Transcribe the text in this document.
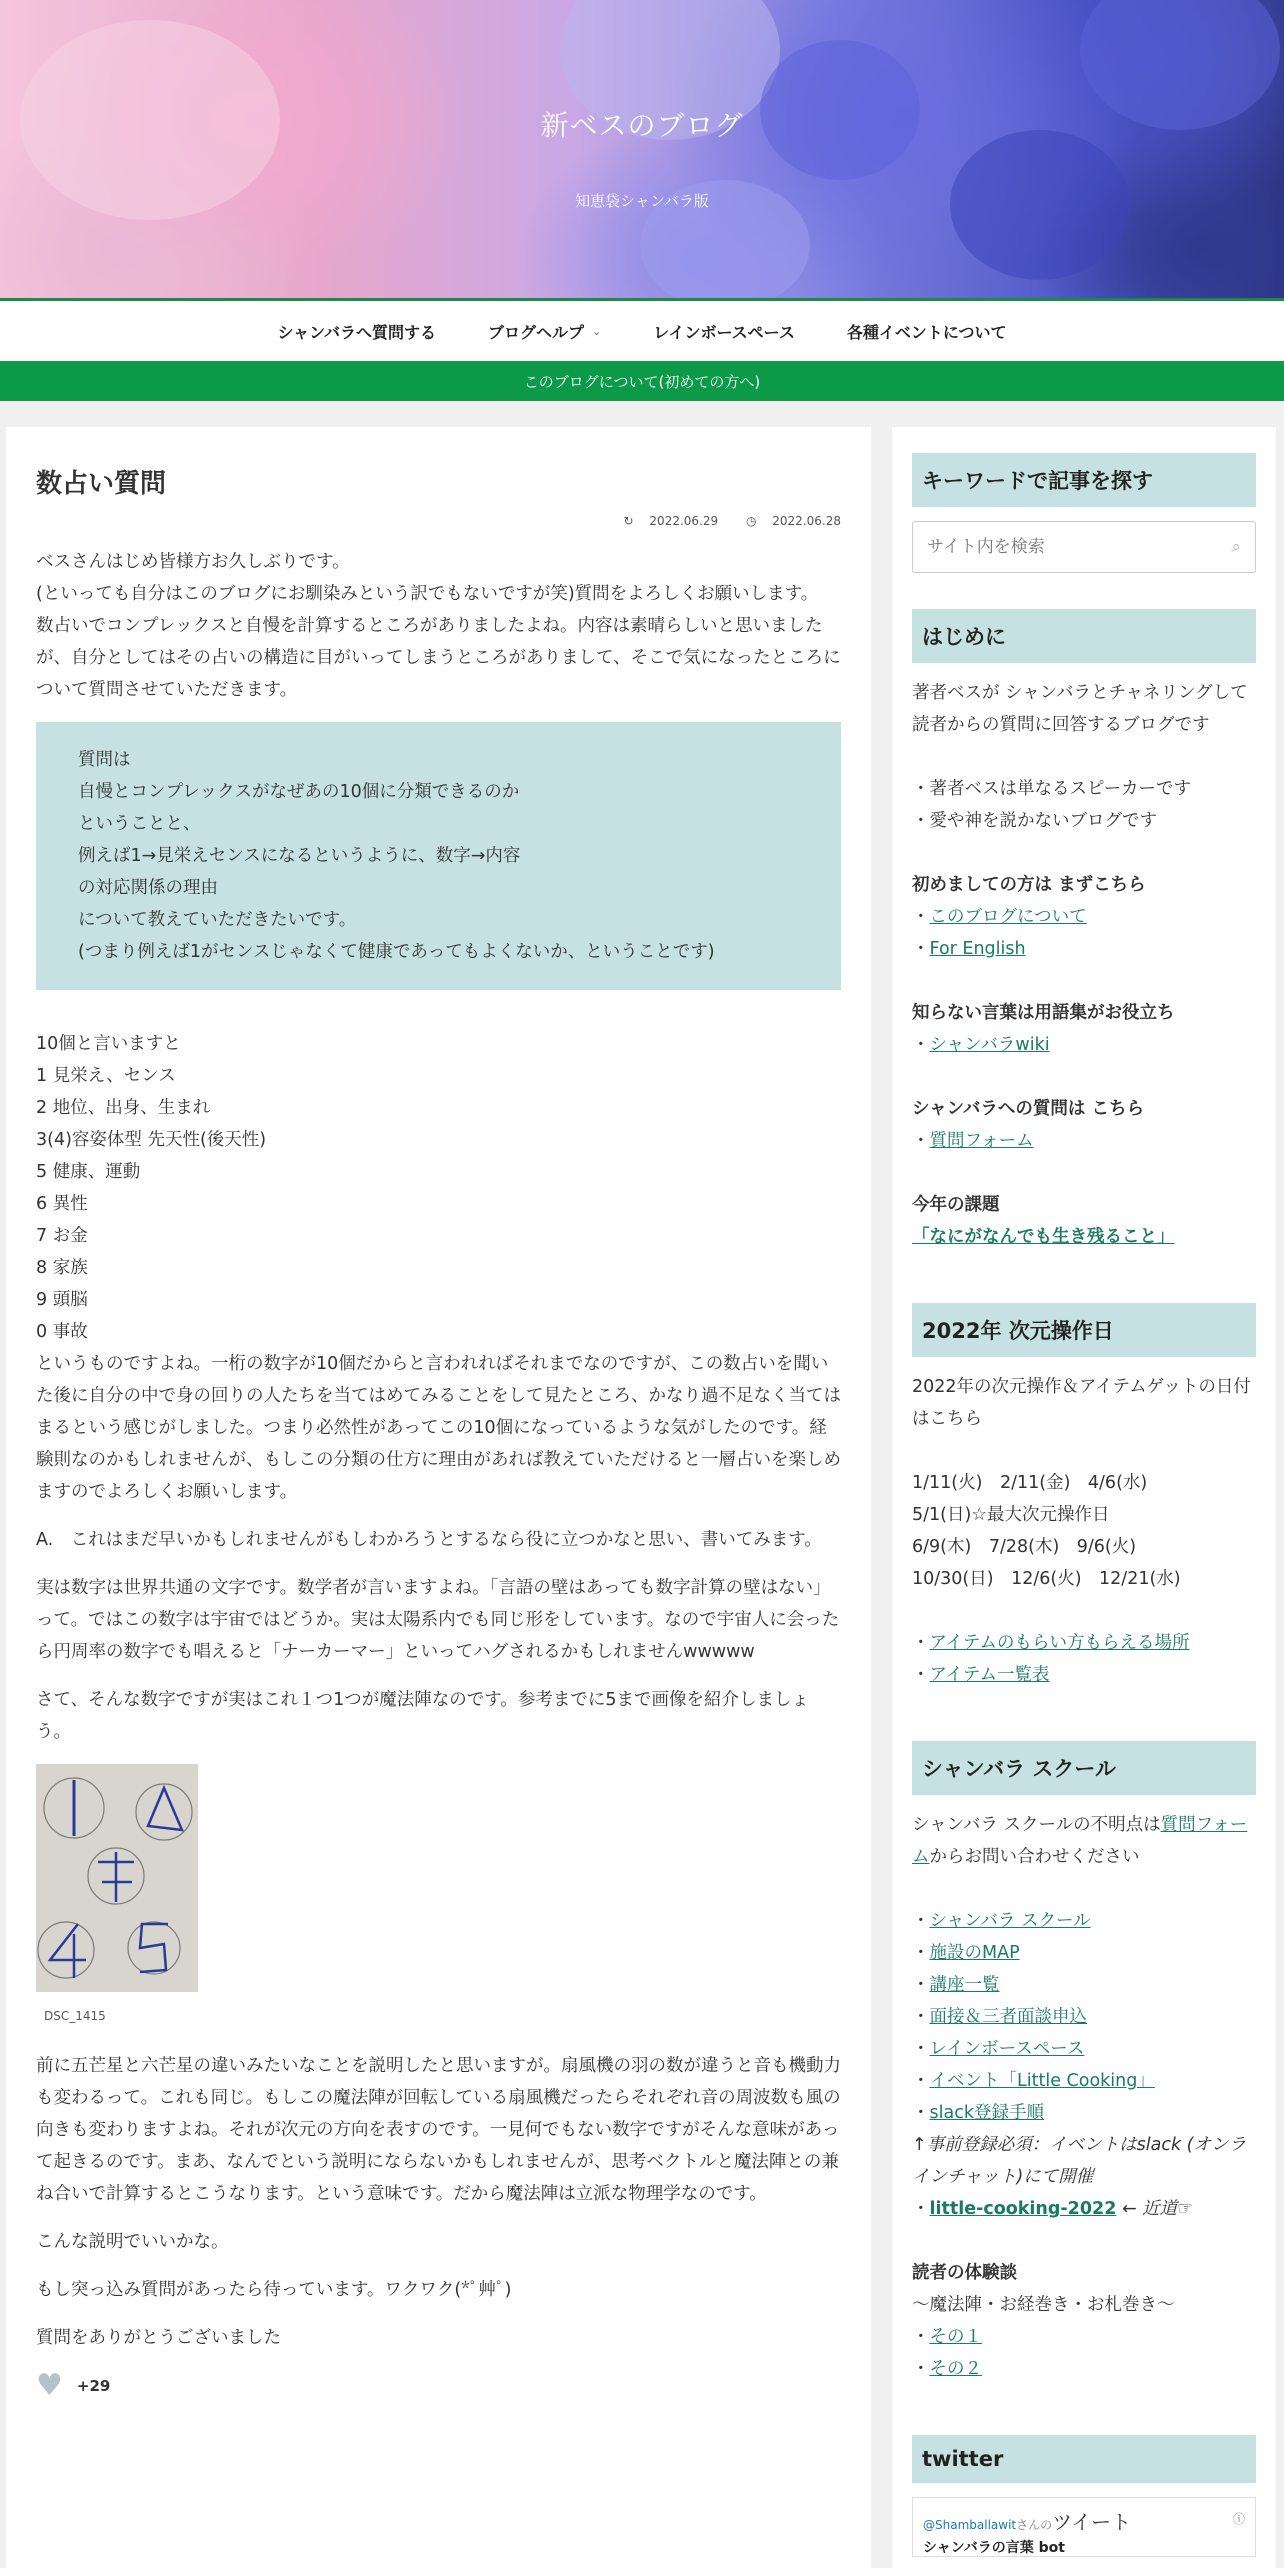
新ベスのブログ
知恵袋シャンバラ版
シャンバラへ質問する	ブログヘルプ ⌄	レインボースペース	各種イベントについて
このブログについて(初めての方へ)
数占い質問
↻ 2022.06.29 ◷ 2022.06.28

ベスさんはじめ皆様方お久しぶりです。
(といっても自分はこのブログにお馴染みという訳でもないですが笑)質問をよろしくお願いします。
数占いでコンプレックスと自慢を計算するところがありましたよね。内容は素晴らしいと思いましたが、自分としてはその占いの構造に目がいってしまうところがありまして、そこで気になったところについて質問させていただきます。

質問は
自慢とコンプレックスがなぜあの10個に分類できるのか
ということと、
例えば1→見栄えセンスになるというように、数字→内容
の対応関係の理由
について教えていただきたいです。
(つまり例えば1がセンスじゃなくて健康であってもよくないか、ということです)

10個と言いますと
1 見栄え、センス
2 地位、出身、生まれ
3(4)容姿体型 先天性(後天性)
5 健康、運動
6 異性
7 お金
8 家族
9 頭脳
0 事故
というものですよね。一桁の数字が10個だからと言われればそれまでなのですが、この数占いを聞いた後に自分の中で身の回りの人たちを当てはめてみることをして見たところ、かなり過不足なく当てはまるという感じがしました。つまり必然性があってこの10個になっているような気がしたのです。経験則なのかもしれませんが、もしこの分類の仕方に理由があれば教えていただけると一層占いを楽しめますのでよろしくお願いします。

A.　これはまだ早いかもしれませんがもしわかろうとするなら役に立つかなと思い、書いてみます。

実は数字は世界共通の文字です。数学者が言いますよね。「言語の壁はあっても数字計算の壁はない」って。ではこの数字は宇宙ではどうか。実は太陽系内でも同じ形をしています。なので宇宙人に会ったら円周率の数字でも唱えると「ナーカーマー」といってハグされるかもしれませんwwwww

さて、そんな数字ですが実はこれ１つ1つが魔法陣なのです。参考までに5まで画像を紹介しましょう。

DSC_1415

前に五芒星と六芒星の違いみたいなことを説明したと思いますが。扇風機の羽の数が違うと音も機動力も変わるって。これも同じ。もしこの魔法陣が回転している扇風機だったらそれぞれ音の周波数も風の向きも変わりますよね。それが次元の方向を表すのです。一見何でもない数字ですがそんな意味があって起きるのです。まあ、なんでという説明にならないかもしれませんが、思考ベクトルと魔法陣との兼ね合いで計算するとこうなります。という意味です。だから魔法陣は立派な物理学なのです。

こんな説明でいいかな。

もし突っ込み質問があったら待っています。ワクワク(*ﾟ艸ﾟ)

質問をありがとうございました

♥ +29
キーワードで記事を探す
サイト内を検索
⌕
はじめに
著者ベスが シャンバラとチャネリングして 読者からの質問に回答するブログです
・著者ベスは単なるスピーカーです
・愛や神を説かないブログです
初めましての方は まずこちら
・このブログについて
・For English
知らない言葉は用語集がお役立ち
・シャンバラwiki
シャンバラへの質問は こちら
・質問フォーム
今年の課題
「なにがなんでも生き残ること」
2022年 次元操作日
2022年の次元操作＆アイテムゲットの日付はこちら
1/11(火)　2/11(金)　4/6(水)
5/1(日)☆最大次元操作日
6/9(木)　7/28(木)　9/6(火)
10/30(日)　12/6(火)　12/21(水)
・アイテムのもらい方もらえる場所
・アイテム一覧表
シャンバラ スクール
シャンバラ スクールの不明点は質問フォームからお問い合わせください
・シャンバラ スクール
・施設のMAP
・講座一覧
・面接＆三者面談申込
・レインボースペース
・イベント「Little Cooking」
・slack登録手順
↑事前登録必須：イベントはslack (オンラインチャット)にて開催
・little-cooking-2022 ← 近道☞
読者の体験談
〜魔法陣・お経巻き・お札巻き〜
・その１
・その２
twitter
@Shamballawitさんのツイート	ⓘ
シャンバラの言葉 bot
